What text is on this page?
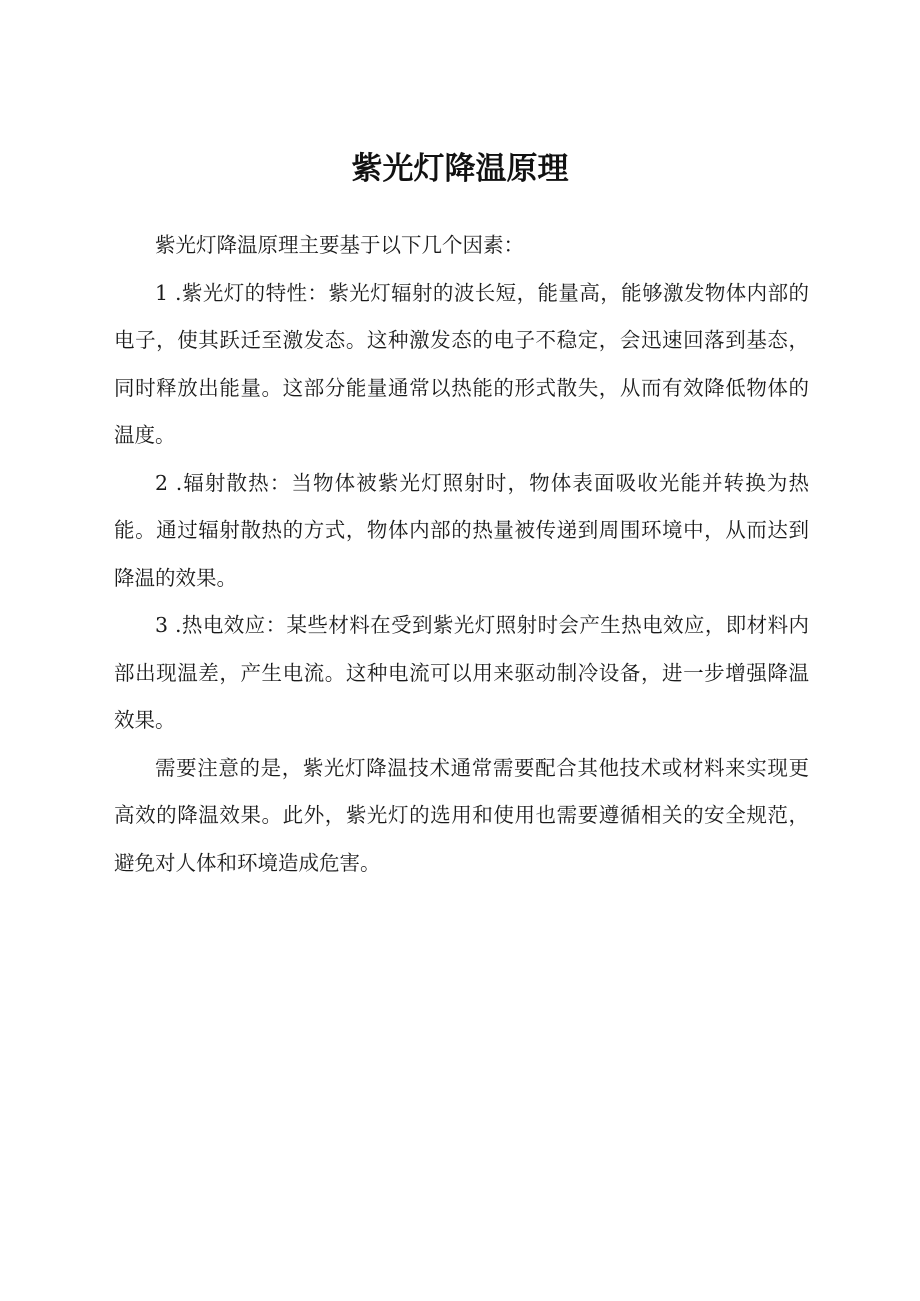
紫光灯降温原理

紫光灯降温原理主要基于以下几个因素：

1 .紫光灯的特性：紫光灯辐射的波长短，能量高，能够激发物体内部的电子，使其跃迁至激发态。这种激发态的电子不稳定，会迅速回落到基态，同时释放出能量。这部分能量通常以热能的形式散失，从而有效降低物体的温度。

2 .辐射散热：当物体被紫光灯照射时，物体表面吸收光能并转换为热能。通过辐射散热的方式，物体内部的热量被传递到周围环境中，从而达到降温的效果。

3 .热电效应：某些材料在受到紫光灯照射时会产生热电效应，即材料内部出现温差，产生电流。这种电流可以用来驱动制冷设备，进一步增强降温效果。

需要注意的是，紫光灯降温技术通常需要配合其他技术或材料来实现更高效的降温效果。此外，紫光灯的选用和使用也需要遵循相关的安全规范，避免对人体和环境造成危害。
